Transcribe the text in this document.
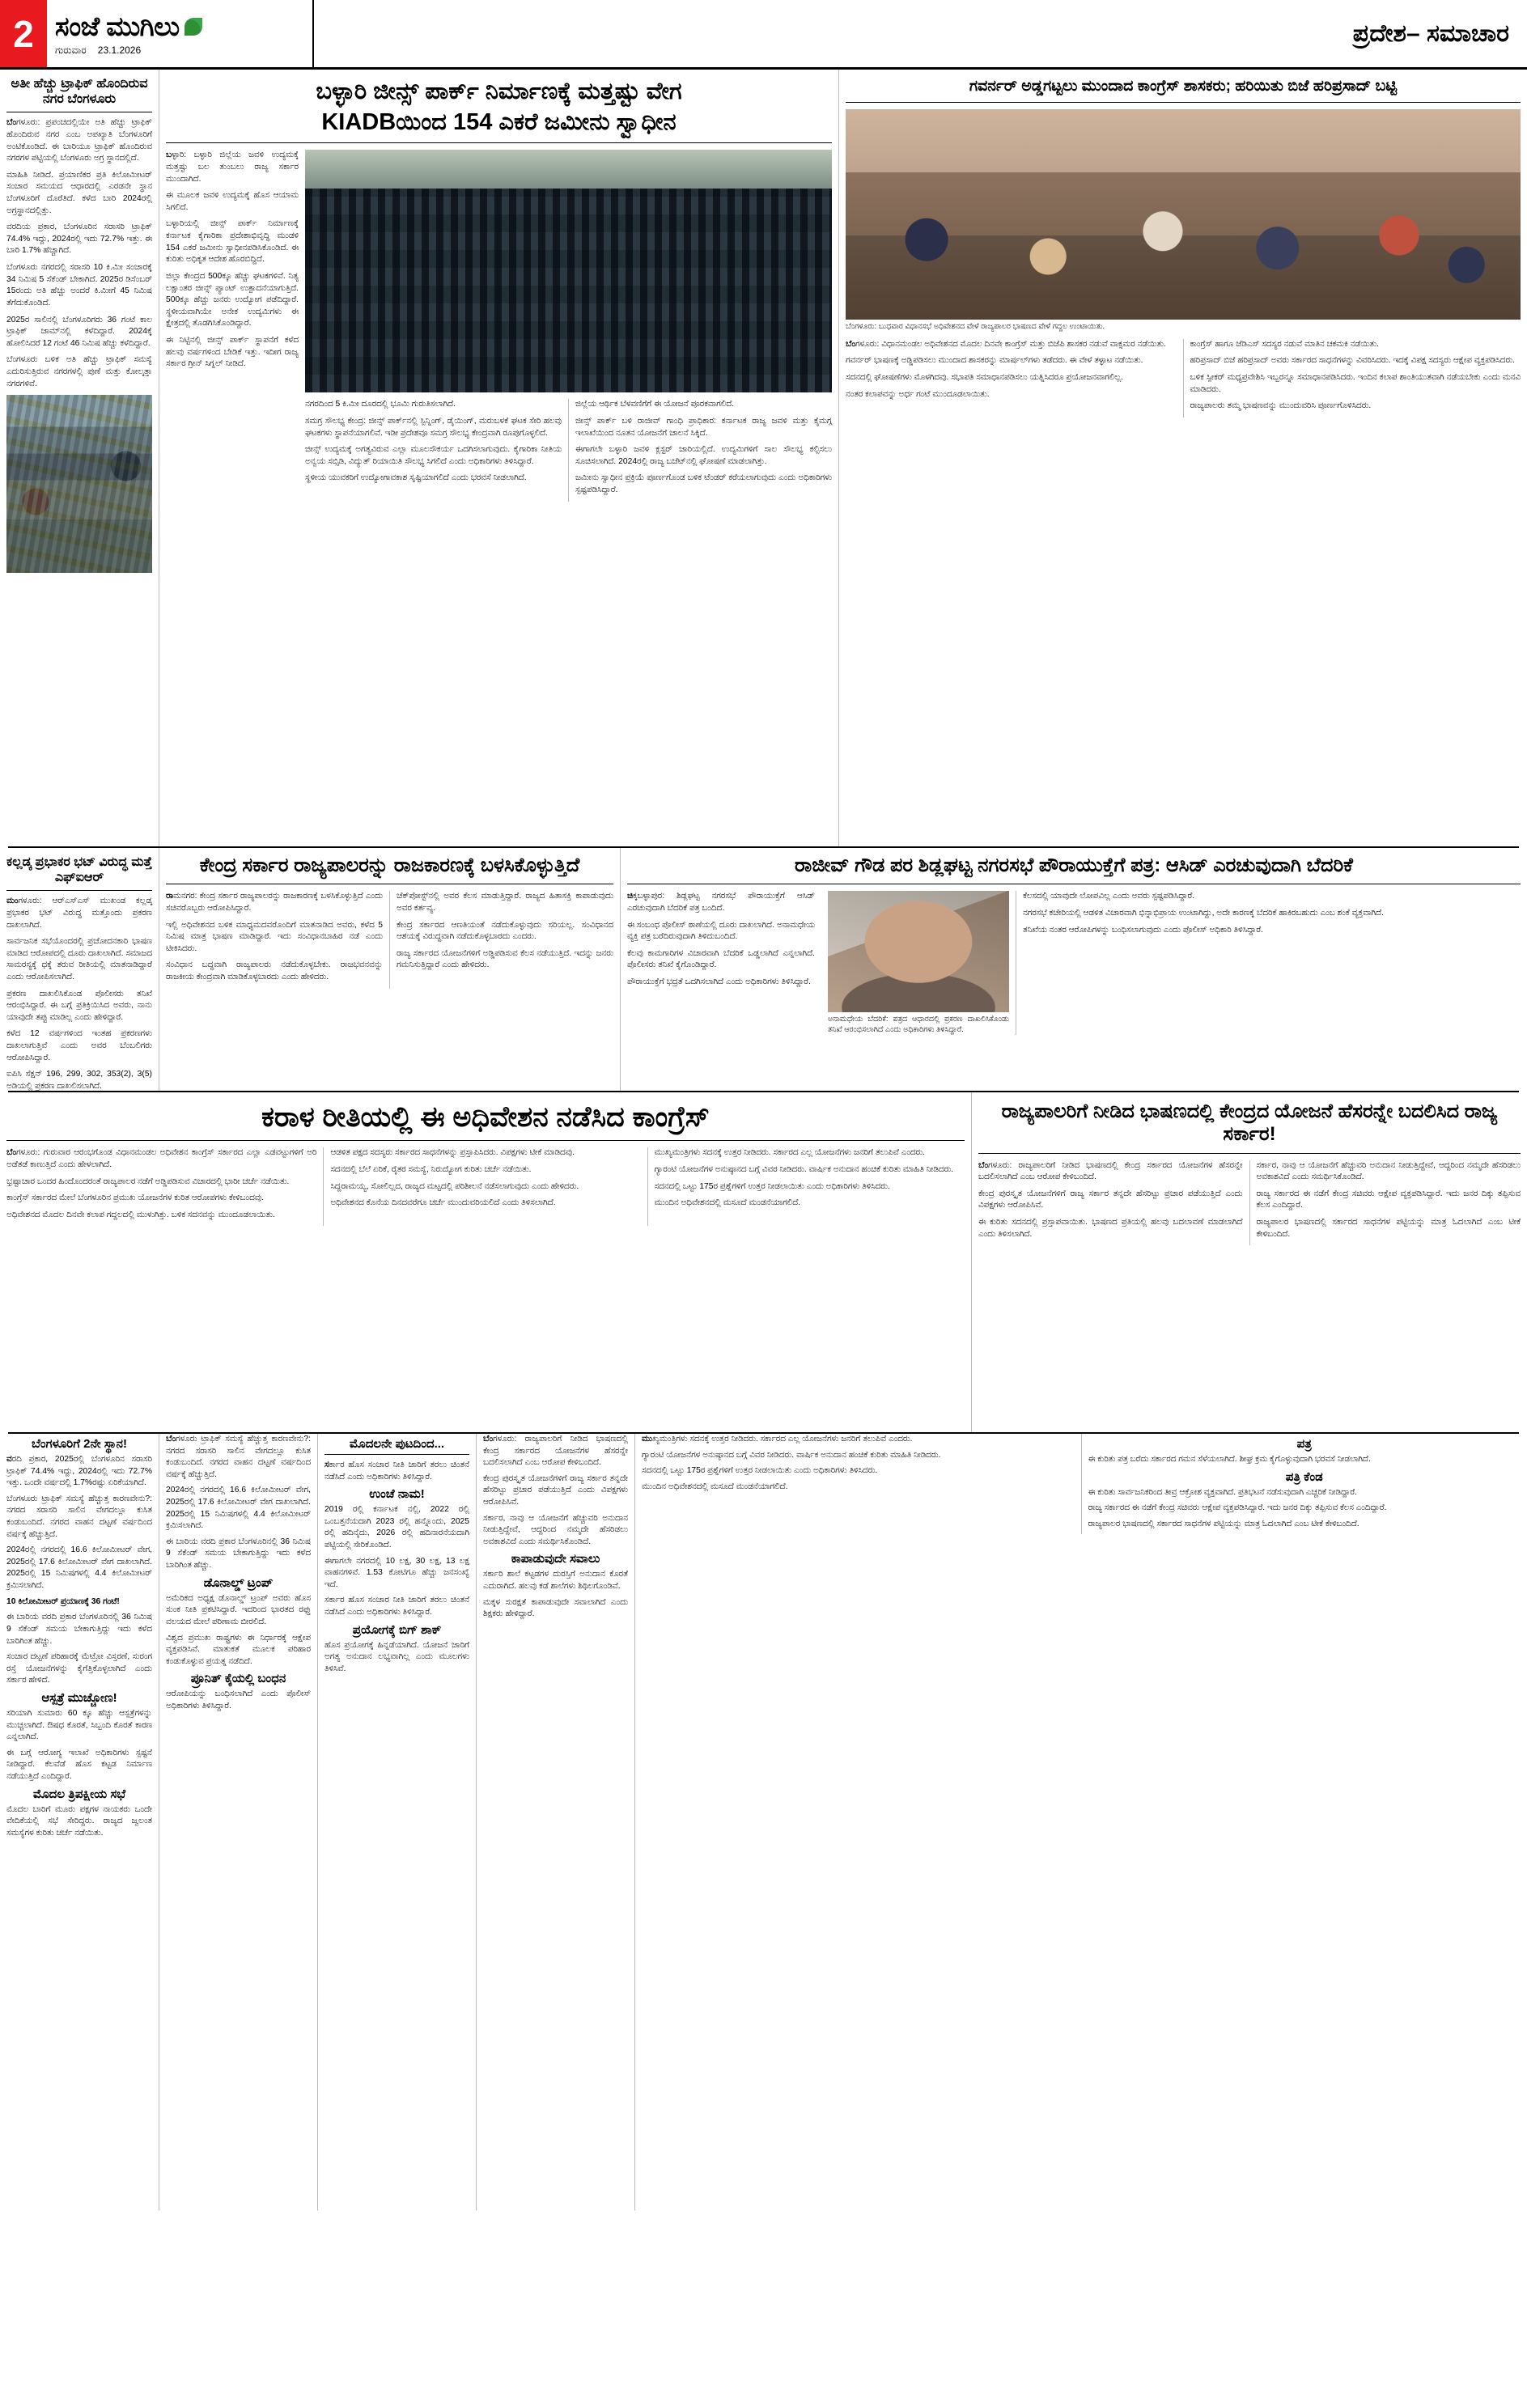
2 ಸಂಜೆ ಮುಗಿಲು
ಗುರುವಾರ 23.1.2026
ಪ್ರದೇಶ– ಸಮಾಚಾರ
ಅತೀ ಹೆಚ್ಚು ಟ್ರಾಫಿಕ್ ಹೊಂದಿರುವ ನಗರ ಬೆಂಗಳೂರು

ಬೆಂಗಳೂರು: ಪ್ರಪಂಚದಲ್ಲಿಯೇ ಅತಿ ಹೆಚ್ಚು ಟ್ರಾಫಿಕ್ ಹೊಂದಿರುವ ನಗರ ಎಂಬ ಅಪಖ್ಯಾತಿ ಬೆಂಗಳೂರಿಗೆ ಅಂಟಿಕೊಂಡಿದೆ. ಈ ಬಾರಿಯೂ ಟ್ರಾಫಿಕ್ ಹೊಂದಿರುವ ನಗರಗಳ ಪಟ್ಟಿಯಲ್ಲಿ ಬೆಂಗಳೂರು ಅಗ್ರ ಸ್ಥಾನದಲ್ಲಿದೆ.

ಮಾಹಿತಿ ನೀಡಿದೆ. ಪ್ರಯಾಣಿಕರ ಪ್ರತಿ ಕಿಲೋಮೀಟರ್ ಸಂಚಾರ ಸಮಯದ ಆಧಾರದಲ್ಲಿ ಎರಡನೇ ಸ್ಥಾನ ಬೆಂಗಳೂರಿಗೆ ದೊರೆತಿದೆ. ಕಳೆದ ಬಾರಿ 2024ರಲ್ಲಿ ಅಗ್ರಸ್ಥಾನದಲ್ಲಿತ್ತು.

ವರದಿಯ ಪ್ರಕಾರ, ಬೆಂಗಳೂರಿನ ಸರಾಸರಿ ಟ್ರಾಫಿಕ್ 74.4% ಇದ್ದು, 2024ರಲ್ಲಿ ಇದು 72.7% ಇತ್ತು. ಈ ಬಾರಿ 1.7% ಹೆಚ್ಚಾಗಿದೆ.

ಬೆಂಗಳೂರು ನಗರದಲ್ಲಿ ಸರಾಸರಿ 10 ಕಿ.ಮೀ ಸಂಚಾರಕ್ಕೆ 34 ನಿಮಿಷ 5 ಸೆಕೆಂಡ್ ಬೇಕಾಗಿದೆ. 2025ರ ಡಿಸೆಂಬರ್ 15ರಂದು ಅತಿ ಹೆಚ್ಚು ಅಂದರೆ ಕಿ.ಮೀಗೆ 45 ನಿಮಿಷ ತೆಗೆದುಕೊಂಡಿದೆ.

2025ರ ಸಾಲಿನಲ್ಲಿ ಬೆಂಗಳೂರಿಗರು 36 ಗಂಟೆ ಕಾಲ ಟ್ರಾಫಿಕ್ ಜಾಮ್‌ನಲ್ಲಿ ಕಳೆದಿದ್ದಾರೆ. 2024ಕ್ಕೆ ಹೋಲಿಸಿದರೆ 12 ಗಂಟೆ 46 ನಿಮಿಷ ಹೆಚ್ಚು ಕಳೆದಿದ್ದಾರೆ.

ಬೆಂಗಳೂರು ಬಳಿಕ ಅತಿ ಹೆಚ್ಚು ಟ್ರಾಫಿಕ್ ಸಮಸ್ಯೆ ಎದುರಿಸುತ್ತಿರುವ ನಗರಗಳಲ್ಲಿ ಪುಣೆ ಮತ್ತು ಕೋಲ್ಕತ್ತಾ ನಗರಗಳಿವೆ.

ಬಳ್ಳಾರಿ ಜೀನ್ಸ್ ಪಾರ್ಕ್ ನಿರ್ಮಾಣಕ್ಕೆ ಮತ್ತಷ್ಟು ವೇಗ
KIADBಯಿಂದ 154 ಎಕರೆ ಜಮೀನು ಸ್ವಾಧೀನ

ಬಳ್ಳಾರಿ: ಬಳ್ಳಾರಿ ಜಿಲ್ಲೆಯ ಜವಳಿ ಉದ್ಯಮಕ್ಕೆ ಮತ್ತಷ್ಟು ಬಲ ತುಂಬಲು ರಾಜ್ಯ ಸರ್ಕಾರ ಮುಂದಾಗಿದೆ.

ಈ ಮೂಲಕ ಜವಳಿ ಉದ್ಯಮಕ್ಕೆ ಹೊಸ ಆಯಾಮ ಸಿಗಲಿದೆ.

ಬಳ್ಳಾರಿಯಲ್ಲಿ ಜೀನ್ಸ್ ಪಾರ್ಕ್ ನಿರ್ಮಾಣಕ್ಕೆ ಕರ್ನಾಟಕ ಕೈಗಾರಿಕಾ ಪ್ರದೇಶಾಭಿವೃದ್ಧಿ ಮಂಡಳಿ 154 ಎಕರೆ ಜಮೀನು ಸ್ವಾಧೀನಪಡಿಸಿಕೊಂಡಿದೆ. ಈ ಕುರಿತು ಅಧಿಕೃತ ಆದೇಶ ಹೊರಬಿದ್ದಿದೆ.

ಜಿಲ್ಲಾ ಕೇಂದ್ರದ 500ಕ್ಕೂ ಹೆಚ್ಚು ಘಟಕಗಳಿವೆ. ನಿತ್ಯ ಲಕ್ಷಾಂತರ ಜೀನ್ಸ್ ಪ್ಯಾಂಟ್ ಉತ್ಪಾದನೆಯಾಗುತ್ತಿದೆ. 500ಕ್ಕೂ ಹೆಚ್ಚು ಜನರು ಉದ್ಯೋಗ ಪಡೆದಿದ್ದಾರೆ. ಸ್ಥಳೀಯವಾಗಿಯೇ ಅನೇಕ ಉದ್ಯಮಿಗಳು ಈ ಕ್ಷೇತ್ರದಲ್ಲಿ ತೊಡಗಿಸಿಕೊಂಡಿದ್ದಾರೆ.

ಈ ನಿಟ್ಟಿನಲ್ಲಿ ಜೀನ್ಸ್ ಪಾರ್ಕ್ ಸ್ಥಾಪನೆಗೆ ಕಳೆದ ಹಲವು ವರ್ಷಗಳಿಂದ ಬೇಡಿಕೆ ಇತ್ತು. ಇದೀಗ ರಾಜ್ಯ ಸರ್ಕಾರ ಗ್ರೀನ್ ಸಿಗ್ನಲ್ ನೀಡಿದೆ.

ನಗರದಿಂದ 5 ಕಿ.ಮೀ ದೂರದಲ್ಲಿ ಭೂಮಿ ಗುರುತಿಸಲಾಗಿದೆ.

ಸಮಗ್ರ ಸೌಲಭ್ಯ ಕೇಂದ್ರ: ಜೀನ್ಸ್ ಪಾರ್ಕ್‌ನಲ್ಲಿ ಸ್ಪಿನ್ನಿಂಗ್, ಡೈಯಿಂಗ್, ಮರುಬಳಕೆ ಘಟಕ ಸೇರಿ ಹಲವು ಘಟಕಗಳು ಸ್ಥಾಪನೆಯಾಗಲಿವೆ. ಇಡೀ ಪ್ರದೇಶವೂ ಸಮಗ್ರ ಸೌಲಭ್ಯ ಕೇಂದ್ರವಾಗಿ ರೂಪುಗೊಳ್ಳಲಿದೆ.

ಜೀನ್ಸ್ ಉದ್ಯಮಕ್ಕೆ ಅಗತ್ಯವಿರುವ ಎಲ್ಲಾ ಮೂಲಸೌಕರ್ಯ ಒದಗಿಸಲಾಗುವುದು. ಕೈಗಾರಿಕಾ ನೀತಿಯ ಅನ್ವಯ ಸಬ್ಸಿಡಿ, ವಿದ್ಯುತ್ ರಿಯಾಯಿತಿ ಸೌಲಭ್ಯ ಸಿಗಲಿದೆ ಎಂದು ಅಧಿಕಾರಿಗಳು ತಿಳಿಸಿದ್ದಾರೆ.

ಸ್ಥಳೀಯ ಯುವಕರಿಗೆ ಉದ್ಯೋಗಾವಕಾಶ ಸೃಷ್ಟಿಯಾಗಲಿದೆ ಎಂದು ಭರವಸೆ ನೀಡಲಾಗಿದೆ.

ಜಿಲ್ಲೆಯ ಆರ್ಥಿಕ ಬೆಳವಣಿಗೆಗೆ ಈ ಯೋಜನೆ ಪೂರಕವಾಗಲಿದೆ.

ಜೀನ್ಸ್ ಪಾರ್ಕ್ ಬಳಿ ರಾಜೀವ್ ಗಾಂಧಿ ಪ್ರಾಧಿಕಾರ: ಕರ್ನಾಟಕ ರಾಜ್ಯ ಜವಳಿ ಮತ್ತು ಕೈಮಗ್ಗ ಇಲಾಖೆಯಿಂದ ನೂತನ ಯೋಜನೆಗೆ ಚಾಲನೆ ಸಿಕ್ಕಿದೆ.

ಈಗಾಗಲೇ ಬಳ್ಳಾರಿ ಜವಳಿ ಕ್ಲಸ್ಟರ್ ಜಾರಿಯಲ್ಲಿದೆ. ಉದ್ಯಮಿಗಳಿಗೆ ಸಾಲ ಸೌಲಭ್ಯ ಕಲ್ಪಿಸಲು ಸೂಚಿಸಲಾಗಿದೆ. 2024ರಲ್ಲಿ ರಾಜ್ಯ ಬಜೆಟ್‌ನಲ್ಲಿ ಘೋಷಣೆ ಮಾಡಲಾಗಿತ್ತು.

ಜಮೀನು ಸ್ವಾಧೀನ ಪ್ರಕ್ರಿಯೆ ಪೂರ್ಣಗೊಂಡ ಬಳಿಕ ಟೆಂಡರ್ ಕರೆಯಲಾಗುವುದು ಎಂದು ಅಧಿಕಾರಿಗಳು ಸ್ಪಷ್ಟಪಡಿಸಿದ್ದಾರೆ.

ಗವರ್ನರ್ ಅಡ್ಡಗಟ್ಟಲು ಮುಂದಾದ ಕಾಂಗ್ರೆಸ್ ಶಾಸಕರು; ಹರಿಯಿತು ಬಿಜೆ ಹರಿಪ್ರಸಾದ್ ಬಟ್ಟಿ
ಬೆಂಗಳೂರು: ಬುಧವಾರ ವಿಧಾನಸಭೆ ಅಧಿವೇಶನದ ವೇಳೆ ರಾಜ್ಯಪಾಲರ ಭಾಷಣದ ವೇಳೆ ಗದ್ದಲ ಉಂಟಾಯಿತು.

ಬೆಂಗಳೂರು: ವಿಧಾನಮಂಡಲ ಅಧಿವೇಶನದ ಮೊದಲ ದಿನವೇ ಕಾಂಗ್ರೆಸ್ ಮತ್ತು ಬಿಜೆಪಿ ಶಾಸಕರ ನಡುವೆ ವಾಕ್ಸಮರ ನಡೆಯಿತು.

ಗವರ್ನರ್ ಭಾಷಣಕ್ಕೆ ಅಡ್ಡಿಪಡಿಸಲು ಮುಂದಾದ ಶಾಸಕರನ್ನು ಮಾರ್ಷಲ್‌ಗಳು ತಡೆದರು. ಈ ವೇಳೆ ತಳ್ಳಾಟ ನಡೆಯಿತು.

ಸದನದಲ್ಲಿ ಘೋಷಣೆಗಳು ಮೊಳಗಿದವು. ಸಭಾಪತಿ ಸಮಾಧಾನಪಡಿಸಲು ಯತ್ನಿಸಿದರೂ ಪ್ರಯೋಜನವಾಗಲಿಲ್ಲ.

ನಂತರ ಕಲಾಪವನ್ನು ಅರ್ಧ ಗಂಟೆ ಮುಂದೂಡಲಾಯಿತು.

ಕಾಂಗ್ರೆಸ್ ಹಾಗೂ ಜೆಡಿಎಸ್ ಸದಸ್ಯರ ನಡುವೆ ಮಾತಿನ ಚಕಮಕಿ ನಡೆಯಿತು.

ಹರಿಪ್ರಸಾದ್ ಬಿಜೆ ಹರಿಪ್ರಸಾದ್ ಅವರು ಸರ್ಕಾರದ ಸಾಧನೆಗಳನ್ನು ವಿವರಿಸಿದರು. ಇದಕ್ಕೆ ವಿಪಕ್ಷ ಸದಸ್ಯರು ಆಕ್ಷೇಪ ವ್ಯಕ್ತಪಡಿಸಿದರು.

ಬಳಿಕ ಸ್ಪೀಕರ್ ಮಧ್ಯಪ್ರವೇಶಿಸಿ ಇಬ್ಬರನ್ನೂ ಸಮಾಧಾನಪಡಿಸಿದರು. ಇಂದಿನ ಕಲಾಪ ಶಾಂತಿಯುತವಾಗಿ ನಡೆಯಬೇಕು ಎಂದು ಮನವಿ ಮಾಡಿದರು.

ರಾಜ್ಯಪಾಲರು ತಮ್ಮ ಭಾಷಣವನ್ನು ಮುಂದುವರಿಸಿ ಪೂರ್ಣಗೊಳಿಸಿದರು.

ಕಲ್ಲಡ್ಕ ಪ್ರಭಾಕರ ಭಟ್ ವಿರುದ್ಧ ಮತ್ತೆ ಎಫ್‌ಐಆರ್

ಮಂಗಳೂರು: ಆರ್‌ಎಸ್‌ಎಸ್ ಮುಖಂಡ ಕಲ್ಲಡ್ಕ ಪ್ರಭಾಕರ ಭಟ್ ವಿರುದ್ಧ ಮತ್ತೊಂದು ಪ್ರಕರಣ ದಾಖಲಾಗಿದೆ.

ಸಾರ್ವಜನಿಕ ಸಭೆಯೊಂದರಲ್ಲಿ ಪ್ರಚೋದನಕಾರಿ ಭಾಷಣ ಮಾಡಿದ ಆರೋಪದಲ್ಲಿ ದೂರು ದಾಖಲಾಗಿದೆ. ಸಮಾಜದ ಸಾಮರಸ್ಯಕ್ಕೆ ಧಕ್ಕೆ ತರುವ ರೀತಿಯಲ್ಲಿ ಮಾತನಾಡಿದ್ದಾರೆ ಎಂದು ಆರೋಪಿಸಲಾಗಿದೆ.

ಪ್ರಕರಣ ದಾಖಲಿಸಿಕೊಂಡ ಪೊಲೀಸರು ತನಿಖೆ ಆರಂಭಿಸಿದ್ದಾರೆ. ಈ ಬಗ್ಗೆ ಪ್ರತಿಕ್ರಿಯಿಸಿದ ಅವರು, ನಾನು ಯಾವುದೇ ತಪ್ಪು ಮಾಡಿಲ್ಲ ಎಂದು ಹೇಳಿದ್ದಾರೆ.

ಕಳೆದ 12 ವರ್ಷಗಳಿಂದ ಇಂತಹ ಪ್ರಕರಣಗಳು ದಾಖಲಾಗುತ್ತಿವೆ ಎಂದು ಅವರ ಬೆಂಬಲಿಗರು ಆರೋಪಿಸಿದ್ದಾರೆ.

ಐಪಿಸಿ ಸೆಕ್ಷನ್ 196, 299, 302, 353(2), 3(5) ಅಡಿಯಲ್ಲಿ ಪ್ರಕರಣ ದಾಖಲಿಸಲಾಗಿದೆ.

ಕೇಂದ್ರ ಸರ್ಕಾರ ರಾಜ್ಯಪಾಲರನ್ನು ರಾಜಕಾರಣಕ್ಕೆ ಬಳಸಿಕೊಳ್ಳುತ್ತಿದೆ

ರಾಮನಗರ: ಕೇಂದ್ರ ಸರ್ಕಾರ ರಾಜ್ಯಪಾಲರನ್ನು ರಾಜಕಾರಣಕ್ಕೆ ಬಳಸಿಕೊಳ್ಳುತ್ತಿದೆ ಎಂದು ಸಚಿವರೊಬ್ಬರು ಆರೋಪಿಸಿದ್ದಾರೆ.

ಇಲ್ಲಿ ಅಧಿವೇಶನದ ಬಳಿಕ ಮಾಧ್ಯಮದವರೊಂದಿಗೆ ಮಾತನಾಡಿದ ಅವರು, ಕಳೆದ 5 ನಿಮಿಷ ಮಾತ್ರ ಭಾಷಣ ಮಾಡಿದ್ದಾರೆ. ಇದು ಸಂವಿಧಾನಬಾಹಿರ ನಡೆ ಎಂದು ಟೀಕಿಸಿದರು.

ಸಂವಿಧಾನ ಬದ್ಧವಾಗಿ ರಾಜ್ಯಪಾಲರು ನಡೆದುಕೊಳ್ಳಬೇಕು. ರಾಜಭವನವನ್ನು ರಾಜಕೀಯ ಕೇಂದ್ರವಾಗಿ ಮಾಡಿಕೊಳ್ಳಬಾರದು ಎಂದು ಹೇಳಿದರು.

ಚೆಕ್‌ಪೋಸ್ಟ್‌ನಲ್ಲಿ ಅವರ ಕೆಲಸ ಮಾಡುತ್ತಿದ್ದಾರೆ. ರಾಜ್ಯದ ಹಿತಾಸಕ್ತಿ ಕಾಪಾಡುವುದು ಅವರ ಕರ್ತವ್ಯ.

ಕೇಂದ್ರ ಸರ್ಕಾರದ ಆಣತಿಯಂತೆ ನಡೆದುಕೊಳ್ಳುವುದು ಸರಿಯಲ್ಲ. ಸಂವಿಧಾನದ ಆಶಯಕ್ಕೆ ವಿರುದ್ಧವಾಗಿ ನಡೆದುಕೊಳ್ಳಬಾರದು ಎಂದರು.

ರಾಜ್ಯ ಸರ್ಕಾರದ ಯೋಜನೆಗಳಿಗೆ ಅಡ್ಡಿಪಡಿಸುವ ಕೆಲಸ ನಡೆಯುತ್ತಿದೆ. ಇದನ್ನು ಜನರು ಗಮನಿಸುತ್ತಿದ್ದಾರೆ ಎಂದು ಹೇಳಿದರು.

ರಾಜೀವ್ ಗೌಡ ಪರ ಶಿಡ್ಲಘಟ್ಟ ನಗರಸಭೆ ಪೌರಾಯುಕ್ತೆಗೆ ಪತ್ರ: ಆಸಿಡ್ ಎರಚುವುದಾಗಿ ಬೆದರಿಕೆ

ಚಿಕ್ಕಬಳ್ಳಾಪುರ: ಶಿಡ್ಲಘಟ್ಟ ನಗರಸಭೆ ಪೌರಾಯುಕ್ತೆಗೆ ಆಸಿಡ್ ಎರಚುವುದಾಗಿ ಬೆದರಿಕೆ ಪತ್ರ ಬಂದಿದೆ.

ಈ ಸಂಬಂಧ ಪೊಲೀಸ್ ಠಾಣೆಯಲ್ಲಿ ದೂರು ದಾಖಲಾಗಿದೆ. ಅನಾಮಧೇಯ ವ್ಯಕ್ತಿ ಪತ್ರ ಬರೆದಿರುವುದಾಗಿ ತಿಳಿದುಬಂದಿದೆ.

ಕೆಲವು ಕಾಮಗಾರಿಗಳ ವಿಚಾರವಾಗಿ ಬೆದರಿಕೆ ಒಡ್ಡಲಾಗಿದೆ ಎನ್ನಲಾಗಿದೆ. ಪೊಲೀಸರು ತನಿಖೆ ಕೈಗೊಂಡಿದ್ದಾರೆ.

ಪೌರಾಯುಕ್ತೆಗೆ ಭದ್ರತೆ ಒದಗಿಸಲಾಗಿದೆ ಎಂದು ಅಧಿಕಾರಿಗಳು ತಿಳಿಸಿದ್ದಾರೆ.

ಅನಾಮಧೇಯ ಬೆದರಿಕೆ: ಪತ್ರದ ಆಧಾರದಲ್ಲಿ ಪ್ರಕರಣ ದಾಖಲಿಸಿಕೊಂಡು ತನಿಖೆ ಆರಂಭಿಸಲಾಗಿದೆ ಎಂದು ಅಧಿಕಾರಿಗಳು ತಿಳಿಸಿದ್ದಾರೆ.

ಕೆಲಸದಲ್ಲಿ ಯಾವುದೇ ಲೋಪವಿಲ್ಲ ಎಂದು ಅವರು ಸ್ಪಷ್ಟಪಡಿಸಿದ್ದಾರೆ.

ನಗರಸಭೆ ಕಚೇರಿಯಲ್ಲಿ ಆಡಳಿತ ವಿಚಾರವಾಗಿ ಭಿನ್ನಾಭಿಪ್ರಾಯ ಉಂಟಾಗಿದ್ದು, ಅದೇ ಕಾರಣಕ್ಕೆ ಬೆದರಿಕೆ ಹಾಕಿರಬಹುದು ಎಂಬ ಶಂಕೆ ವ್ಯಕ್ತವಾಗಿದೆ.

ತನಿಖೆಯ ನಂತರ ಆರೋಪಿಗಳನ್ನು ಬಂಧಿಸಲಾಗುವುದು ಎಂದು ಪೊಲೀಸ್ ಅಧಿಕಾರಿ ತಿಳಿಸಿದ್ದಾರೆ.

ಕರಾಳ ರೀತಿಯಲ್ಲಿ ಈ ಅಧಿವೇಶನ ನಡೆಸಿದ ಕಾಂಗ್ರೆಸ್

ಬೆಂಗಳೂರು: ಗುರುವಾರ ಆರಂಭಗೊಂಡ ವಿಧಾನಮಂಡಲ ಅಧಿವೇಶನ ಕಾಂಗ್ರೆಸ್ ಸರ್ಕಾರದ ಎಲ್ಲಾ ಎಡವಟ್ಟುಗಳಿಗೆ ಅರಿ ಅಡೆತಡೆ ಕಾಣುತ್ತಿದೆ ಎಂದು ಹೇಳಲಾಗಿದೆ.

ಭ್ರಷ್ಟಾಚಾರ ಒಂದರ ಹಿಂದೊಂದರಂತೆ ರಾಜ್ಯಪಾಲರ ನಡೆಗೆ ಅಡ್ಡಿಪಡಿಸುವ ವಿಚಾರದಲ್ಲಿ ಭಾರೀ ಚರ್ಚೆ ನಡೆಯಿತು.

ಕಾಂಗ್ರೆಸ್ ಸರ್ಕಾರದ ಮೇಲೆ ಬೆಂಗಳೂರಿನ ಪ್ರಮುಖ ಯೋಜನೆಗಳ ಕುರಿತ ಆರೋಪಗಳು ಕೇಳಿಬಂದವು.

ಅಧಿವೇಶನದ ಮೊದಲ ದಿನವೇ ಕಲಾಪ ಗದ್ದಲದಲ್ಲಿ ಮುಳುಗಿತ್ತು. ಬಳಿಕ ಸದನವನ್ನು ಮುಂದೂಡಲಾಯಿತು.

ಆಡಳಿತ ಪಕ್ಷದ ಸದಸ್ಯರು ಸರ್ಕಾರದ ಸಾಧನೆಗಳನ್ನು ಪ್ರಸ್ತಾಪಿಸಿದರು. ವಿಪಕ್ಷಗಳು ಟೀಕೆ ಮಾಡಿದವು.

ಸದನದಲ್ಲಿ ಬೆಲೆ ಏರಿಕೆ, ರೈತರ ಸಮಸ್ಯೆ, ನಿರುದ್ಯೋಗ ಕುರಿತು ಚರ್ಚೆ ನಡೆಯಿತು.

ಸಿದ್ದರಾಮಯ್ಯ, ಸೋಲಿಲ್ಲದ, ರಾಜ್ಯದ ಮಟ್ಟದಲ್ಲಿ ಪರಿಶೀಲನೆ ನಡೆಸಲಾಗುವುದು ಎಂದು ಹೇಳಿದರು.

ಅಧಿವೇಶನದ ಕೊನೆಯ ದಿನದವರೆಗೂ ಚರ್ಚೆ ಮುಂದುವರಿಯಲಿದೆ ಎಂದು ತಿಳಿಸಲಾಗಿದೆ.

ಮುಖ್ಯಮಂತ್ರಿಗಳು ಸದನಕ್ಕೆ ಉತ್ತರ ನೀಡಿದರು. ಸರ್ಕಾರದ ಎಲ್ಲ ಯೋಜನೆಗಳು ಜನರಿಗೆ ತಲುಪಿವೆ ಎಂದರು.

ಗ್ಯಾರಂಟಿ ಯೋಜನೆಗಳ ಅನುಷ್ಠಾನದ ಬಗ್ಗೆ ವಿವರ ನೀಡಿದರು. ವಾರ್ಷಿಕ ಅನುದಾನ ಹಂಚಿಕೆ ಕುರಿತು ಮಾಹಿತಿ ನೀಡಿದರು.

ಸದನದಲ್ಲಿ ಒಟ್ಟು 175ರ ಪ್ರಶ್ನೆಗಳಿಗೆ ಉತ್ತರ ನೀಡಲಾಯಿತು ಎಂದು ಅಧಿಕಾರಿಗಳು ತಿಳಿಸಿದರು.

ಮುಂದಿನ ಅಧಿವೇಶನದಲ್ಲಿ ಮಸೂದೆ ಮಂಡನೆಯಾಗಲಿದೆ.

ರಾಜ್ಯಪಾಲರಿಗೆ ನೀಡಿದ ಭಾಷಣದಲ್ಲಿ ಕೇಂದ್ರದ ಯೋಜನೆ ಹೆಸರನ್ನೇ ಬದಲಿಸಿದ ರಾಜ್ಯ ಸರ್ಕಾರ!

ಬೆಂಗಳೂರು: ರಾಜ್ಯಪಾಲರಿಗೆ ನೀಡಿದ ಭಾಷಣದಲ್ಲಿ ಕೇಂದ್ರ ಸರ್ಕಾರದ ಯೋಜನೆಗಳ ಹೆಸರನ್ನೇ ಬದಲಿಸಲಾಗಿದೆ ಎಂಬ ಆರೋಪ ಕೇಳಿಬಂದಿದೆ.

ಕೇಂದ್ರ ಪುರಸ್ಕೃತ ಯೋಜನೆಗಳಿಗೆ ರಾಜ್ಯ ಸರ್ಕಾರ ತನ್ನದೇ ಹೆಸರಿಟ್ಟು ಪ್ರಚಾರ ಪಡೆಯುತ್ತಿದೆ ಎಂದು ವಿಪಕ್ಷಗಳು ಆರೋಪಿಸಿವೆ.

ಈ ಕುರಿತು ಸದನದಲ್ಲಿ ಪ್ರಸ್ತಾಪವಾಯಿತು. ಭಾಷಣದ ಪ್ರತಿಯಲ್ಲಿ ಹಲವು ಬದಲಾವಣೆ ಮಾಡಲಾಗಿದೆ ಎಂದು ತಿಳಿಸಲಾಗಿದೆ.

ಸರ್ಕಾರ, ನಾವು ಆ ಯೋಜನೆಗೆ ಹೆಚ್ಚುವರಿ ಅನುದಾನ ನೀಡುತ್ತಿದ್ದೇವೆ, ಆದ್ದರಿಂದ ನಮ್ಮದೇ ಹೆಸರಿಡಲು ಅವಕಾಶವಿದೆ ಎಂದು ಸಮರ್ಥಿಸಿಕೊಂಡಿದೆ.

ರಾಜ್ಯ ಸರ್ಕಾರದ ಈ ನಡೆಗೆ ಕೇಂದ್ರ ಸಚಿವರು ಆಕ್ಷೇಪ ವ್ಯಕ್ತಪಡಿಸಿದ್ದಾರೆ. ಇದು ಜನರ ದಿಕ್ಕು ತಪ್ಪಿಸುವ ಕೆಲಸ ಎಂದಿದ್ದಾರೆ.

ರಾಜ್ಯಪಾಲರ ಭಾಷಣದಲ್ಲಿ ಸರ್ಕಾರದ ಸಾಧನೆಗಳ ಪಟ್ಟಿಯನ್ನು ಮಾತ್ರ ಓದಲಾಗಿದೆ ಎಂಬ ಟೀಕೆ ಕೇಳಿಬಂದಿದೆ.

ಬೆಂಗಳೂರಿಗೆ 2ನೇ ಸ್ಥಾನ!

ವರದಿ ಪ್ರಕಾರ, 2025ರಲ್ಲಿ ಬೆಂಗಳೂರಿನ ಸರಾಸರಿ ಟ್ರಾಫಿಕ್ 74.4% ಇದ್ದು, 2024ರಲ್ಲಿ ಇದು 72.7% ಇತ್ತು. ಒಂದೇ ವರ್ಷದಲ್ಲಿ 1.7%ರಷ್ಟು ಏರಿಕೆಯಾಗಿದೆ.

ಬೆಂಗಳೂರು ಟ್ರಾಫಿಕ್ ಸಮಸ್ಯೆ ಹೆಚ್ಚುತ್ತ ಕಾರಣವೇನು?: ನಗರದ ಸರಾಸರಿ ಸಾಲಿನ ವೇಗದಲ್ಲೂ ಕುಸಿತ ಕಂಡುಬಂದಿದೆ. ನಗರದ ವಾಹನ ದಟ್ಟಣೆ ವರ್ಷದಿಂದ ವರ್ಷಕ್ಕೆ ಹೆಚ್ಚುತ್ತಿದೆ.

2024ರಲ್ಲಿ ನಗರದಲ್ಲಿ 16.6 ಕಿಲೋಮೀಟರ್ ವೇಗ, 2025ರಲ್ಲಿ 17.6 ಕಿಲೋಮೀಟರ್ ವೇಗ ದಾಖಲಾಗಿದೆ. 2025ರಲ್ಲಿ 15 ನಿಮಿಷಗಳಲ್ಲಿ 4.4 ಕಿಲೋಮೀಟರ್ ಕ್ರಮಿಸಲಾಗಿದೆ.

10 ಕಿಲೋಮೀಟರ್ ಪ್ರಯಾಣಕ್ಕೆ 36 ಗಂಟೆ!

ಈ ಬಾರಿಯ ವರದಿ ಪ್ರಕಾರ ಬೆಂಗಳೂರಿನಲ್ಲಿ 36 ನಿಮಿಷ 9 ಸೆಕೆಂಡ್ ಸಮಯ ಬೇಕಾಗುತ್ತಿದ್ದು ಇದು ಕಳೆದ ಬಾರಿಗಿಂತ ಹೆಚ್ಚು.

ಸಂಚಾರ ದಟ್ಟಣೆ ಪರಿಹಾರಕ್ಕೆ ಮೆಟ್ರೋ ವಿಸ್ತರಣೆ, ಸುರಂಗ ರಸ್ತೆ ಯೋಜನೆಗಳನ್ನು ಕೈಗೆತ್ತಿಕೊಳ್ಳಲಾಗಿದೆ ಎಂದು ಸರ್ಕಾರ ಹೇಳಿದೆ.

ಆಸ್ಪತ್ರೆ ಮುಚ್ಚೋಣ!

ಸರಿಯಾಗಿ ಸುಮಾರು 60 ಕ್ಕೂ ಹೆಚ್ಚು ಆಸ್ಪತ್ರೆಗಳನ್ನು ಮುಚ್ಚಲಾಗಿದೆ. ಔಷಧ ಕೊರತೆ, ಸಿಬ್ಬಂದಿ ಕೊರತೆ ಕಾರಣ ಎನ್ನಲಾಗಿದೆ.

ಈ ಬಗ್ಗೆ ಆರೋಗ್ಯ ಇಲಾಖೆ ಅಧಿಕಾರಿಗಳು ಸ್ಪಷ್ಟನೆ ನೀಡಿದ್ದಾರೆ. ಕೆಲವೆಡೆ ಹೊಸ ಕಟ್ಟಡ ನಿರ್ಮಾಣ ನಡೆಯುತ್ತಿದೆ ಎಂದಿದ್ದಾರೆ.

ಮೊದಲ ತ್ರಿಪಕ್ಷೀಯ ಸಭೆ

ಮೊದಲ ಬಾರಿಗೆ ಮೂರು ಪಕ್ಷಗಳ ನಾಯಕರು ಒಂದೇ ವೇದಿಕೆಯಲ್ಲಿ ಸಭೆ ಸೇರಿದ್ದರು. ರಾಜ್ಯದ ಜ್ವಲಂತ ಸಮಸ್ಯೆಗಳ ಕುರಿತು ಚರ್ಚೆ ನಡೆಯಿತು.

ಬೆಂಗಳೂರು ಟ್ರಾಫಿಕ್ ಸಮಸ್ಯೆ ಹೆಚ್ಚುತ್ತ ಕಾರಣವೇನು?: ನಗರದ ಸರಾಸರಿ ಸಾಲಿನ ವೇಗದಲ್ಲೂ ಕುಸಿತ ಕಂಡುಬಂದಿದೆ. ನಗರದ ವಾಹನ ದಟ್ಟಣೆ ವರ್ಷದಿಂದ ವರ್ಷಕ್ಕೆ ಹೆಚ್ಚುತ್ತಿದೆ.

2024ರಲ್ಲಿ ನಗರದಲ್ಲಿ 16.6 ಕಿಲೋಮೀಟರ್ ವೇಗ, 2025ರಲ್ಲಿ 17.6 ಕಿಲೋಮೀಟರ್ ವೇಗ ದಾಖಲಾಗಿದೆ. 2025ರಲ್ಲಿ 15 ನಿಮಿಷಗಳಲ್ಲಿ 4.4 ಕಿಲೋಮೀಟರ್ ಕ್ರಮಿಸಲಾಗಿದೆ.

ಈ ಬಾರಿಯ ವರದಿ ಪ್ರಕಾರ ಬೆಂಗಳೂರಿನಲ್ಲಿ 36 ನಿಮಿಷ 9 ಸೆಕೆಂಡ್ ಸಮಯ ಬೇಕಾಗುತ್ತಿದ್ದು ಇದು ಕಳೆದ ಬಾರಿಗಿಂತ ಹೆಚ್ಚು.

ಡೊನಾಲ್ಡ್ ಟ್ರಂಪ್

ಅಮೆರಿಕದ ಅಧ್ಯಕ್ಷ ಡೊನಾಲ್ಡ್ ಟ್ರಂಪ್ ಅವರು ಹೊಸ ಸುಂಕ ನೀತಿ ಪ್ರಕಟಿಸಿದ್ದಾರೆ. ಇದರಿಂದ ಭಾರತದ ರಫ್ತು ವಲಯದ ಮೇಲೆ ಪರಿಣಾಮ ಬೀರಲಿದೆ.

ವಿಶ್ವದ ಪ್ರಮುಖ ರಾಷ್ಟ್ರಗಳು ಈ ನಿರ್ಧಾರಕ್ಕೆ ಆಕ್ಷೇಪ ವ್ಯಕ್ತಪಡಿಸಿವೆ. ಮಾತುಕತೆ ಮೂಲಕ ಪರಿಹಾರ ಕಂಡುಕೊಳ್ಳುವ ಪ್ರಯತ್ನ ನಡೆದಿದೆ.

ಪ್ರೂನಿತ್ ಕೈಯಲ್ಲಿ ಬಂಧನ

ಆರೋಪಿಯನ್ನು ಬಂಧಿಸಲಾಗಿದೆ ಎಂದು ಪೊಲೀಸ್ ಅಧಿಕಾರಿಗಳು ತಿಳಿಸಿದ್ದಾರೆ.

ಮೊದಲನೇ ಪುಟದಿಂದ...

ಸರ್ಕಾರ ಹೊಸ ಸಂಚಾರ ನೀತಿ ಜಾರಿಗೆ ತರಲು ಚಿಂತನೆ ನಡೆಸಿದೆ ಎಂದು ಅಧಿಕಾರಿಗಳು ತಿಳಿಸಿದ್ದಾರೆ.

ಉಂಚೆ ನಾಮ!

2019 ರಲ್ಲಿ ಕರ್ನಾಟಕ ನಲ್ಲಿ, 2022 ರಲ್ಲಿ ಒಂಬತ್ತನೆಯದಾಗಿ 2023 ರಲ್ಲಿ ಹನ್ನೊಂದು, 2025 ರಲ್ಲಿ ಹದಿನೈದು, 2026 ರಲ್ಲಿ ಹದಿನಾರನೆಯದಾಗಿ ಪಟ್ಟಿಯಲ್ಲಿ ಸೇರಿಕೊಂಡಿದೆ.

ಈಗಾಗಲೇ ನಗರದಲ್ಲಿ 10 ಲಕ್ಷ, 30 ಲಕ್ಷ, 13 ಲಕ್ಷ ವಾಹನಗಳಿವೆ. 1.53 ಕೋಟಿಗೂ ಹೆಚ್ಚು ಜನಸಂಖ್ಯೆ ಇದೆ.

ಸರ್ಕಾರ ಹೊಸ ಸಂಚಾರ ನೀತಿ ಜಾರಿಗೆ ತರಲು ಚಿಂತನೆ ನಡೆಸಿದೆ ಎಂದು ಅಧಿಕಾರಿಗಳು ತಿಳಿಸಿದ್ದಾರೆ.

ಪ್ರಯೋಗಕ್ಕೆ ಬಿಗ್ ಶಾಕ್

ಹೊಸ ಪ್ರಯೋಗಕ್ಕೆ ಹಿನ್ನಡೆಯಾಗಿದೆ. ಯೋಜನೆ ಜಾರಿಗೆ ಅಗತ್ಯ ಅನುದಾನ ಲಭ್ಯವಾಗಿಲ್ಲ ಎಂದು ಮೂಲಗಳು ತಿಳಿಸಿವೆ.

ಬೆಂಗಳೂರು: ರಾಜ್ಯಪಾಲರಿಗೆ ನೀಡಿದ ಭಾಷಣದಲ್ಲಿ ಕೇಂದ್ರ ಸರ್ಕಾರದ ಯೋಜನೆಗಳ ಹೆಸರನ್ನೇ ಬದಲಿಸಲಾಗಿದೆ ಎಂಬ ಆರೋಪ ಕೇಳಿಬಂದಿದೆ.

ಕೇಂದ್ರ ಪುರಸ್ಕೃತ ಯೋಜನೆಗಳಿಗೆ ರಾಜ್ಯ ಸರ್ಕಾರ ತನ್ನದೇ ಹೆಸರಿಟ್ಟು ಪ್ರಚಾರ ಪಡೆಯುತ್ತಿದೆ ಎಂದು ವಿಪಕ್ಷಗಳು ಆರೋಪಿಸಿವೆ.

ಸರ್ಕಾರ, ನಾವು ಆ ಯೋಜನೆಗೆ ಹೆಚ್ಚುವರಿ ಅನುದಾನ ನೀಡುತ್ತಿದ್ದೇವೆ, ಆದ್ದರಿಂದ ನಮ್ಮದೇ ಹೆಸರಿಡಲು ಅವಕಾಶವಿದೆ ಎಂದು ಸಮರ್ಥಿಸಿಕೊಂಡಿದೆ.

ಕಾಪಾಡುವುದೇ ಸವಾಲು

ಸರ್ಕಾರಿ ಶಾಲೆ ಕಟ್ಟಡಗಳ ದುರಸ್ತಿಗೆ ಅನುದಾನ ಕೊರತೆ ಎದುರಾಗಿದೆ. ಹಲವು ಕಡೆ ಶಾಲೆಗಳು ಶಿಥಿಲಗೊಂಡಿವೆ.

ಮಕ್ಕಳ ಸುರಕ್ಷತೆ ಕಾಪಾಡುವುದೇ ಸವಾಲಾಗಿದೆ ಎಂದು ಶಿಕ್ಷಕರು ಹೇಳಿದ್ದಾರೆ.

ಮುಖ್ಯಮಂತ್ರಿಗಳು ಸದನಕ್ಕೆ ಉತ್ತರ ನೀಡಿದರು. ಸರ್ಕಾರದ ಎಲ್ಲ ಯೋಜನೆಗಳು ಜನರಿಗೆ ತಲುಪಿವೆ ಎಂದರು.

ಗ್ಯಾರಂಟಿ ಯೋಜನೆಗಳ ಅನುಷ್ಠಾನದ ಬಗ್ಗೆ ವಿವರ ನೀಡಿದರು. ವಾರ್ಷಿಕ ಅನುದಾನ ಹಂಚಿಕೆ ಕುರಿತು ಮಾಹಿತಿ ನೀಡಿದರು.

ಸದನದಲ್ಲಿ ಒಟ್ಟು 175ರ ಪ್ರಶ್ನೆಗಳಿಗೆ ಉತ್ತರ ನೀಡಲಾಯಿತು ಎಂದು ಅಧಿಕಾರಿಗಳು ತಿಳಿಸಿದರು.

ಮುಂದಿನ ಅಧಿವೇಶನದಲ್ಲಿ ಮಸೂದೆ ಮಂಡನೆಯಾಗಲಿದೆ.

ಪತ್ರ

ಈ ಕುರಿತು ಪತ್ರ ಬರೆದು ಸರ್ಕಾರದ ಗಮನ ಸೆಳೆಯಲಾಗಿದೆ. ಶೀಘ್ರ ಕ್ರಮ ಕೈಗೊಳ್ಳುವುದಾಗಿ ಭರವಸೆ ನೀಡಲಾಗಿದೆ.

ಪತ್ರಿ ಕೆಂಡ

ಈ ಕುರಿತು ಸಾರ್ವಜನಿಕರಿಂದ ತೀವ್ರ ಆಕ್ರೋಶ ವ್ಯಕ್ತವಾಗಿದೆ. ಪ್ರತಿಭಟನೆ ನಡೆಸುವುದಾಗಿ ಎಚ್ಚರಿಕೆ ನೀಡಿದ್ದಾರೆ.

ರಾಜ್ಯ ಸರ್ಕಾರದ ಈ ನಡೆಗೆ ಕೇಂದ್ರ ಸಚಿವರು ಆಕ್ಷೇಪ ವ್ಯಕ್ತಪಡಿಸಿದ್ದಾರೆ. ಇದು ಜನರ ದಿಕ್ಕು ತಪ್ಪಿಸುವ ಕೆಲಸ ಎಂದಿದ್ದಾರೆ.

ರಾಜ್ಯಪಾಲರ ಭಾಷಣದಲ್ಲಿ ಸರ್ಕಾರದ ಸಾಧನೆಗಳ ಪಟ್ಟಿಯನ್ನು ಮಾತ್ರ ಓದಲಾಗಿದೆ ಎಂಬ ಟೀಕೆ ಕೇಳಿಬಂದಿದೆ.
